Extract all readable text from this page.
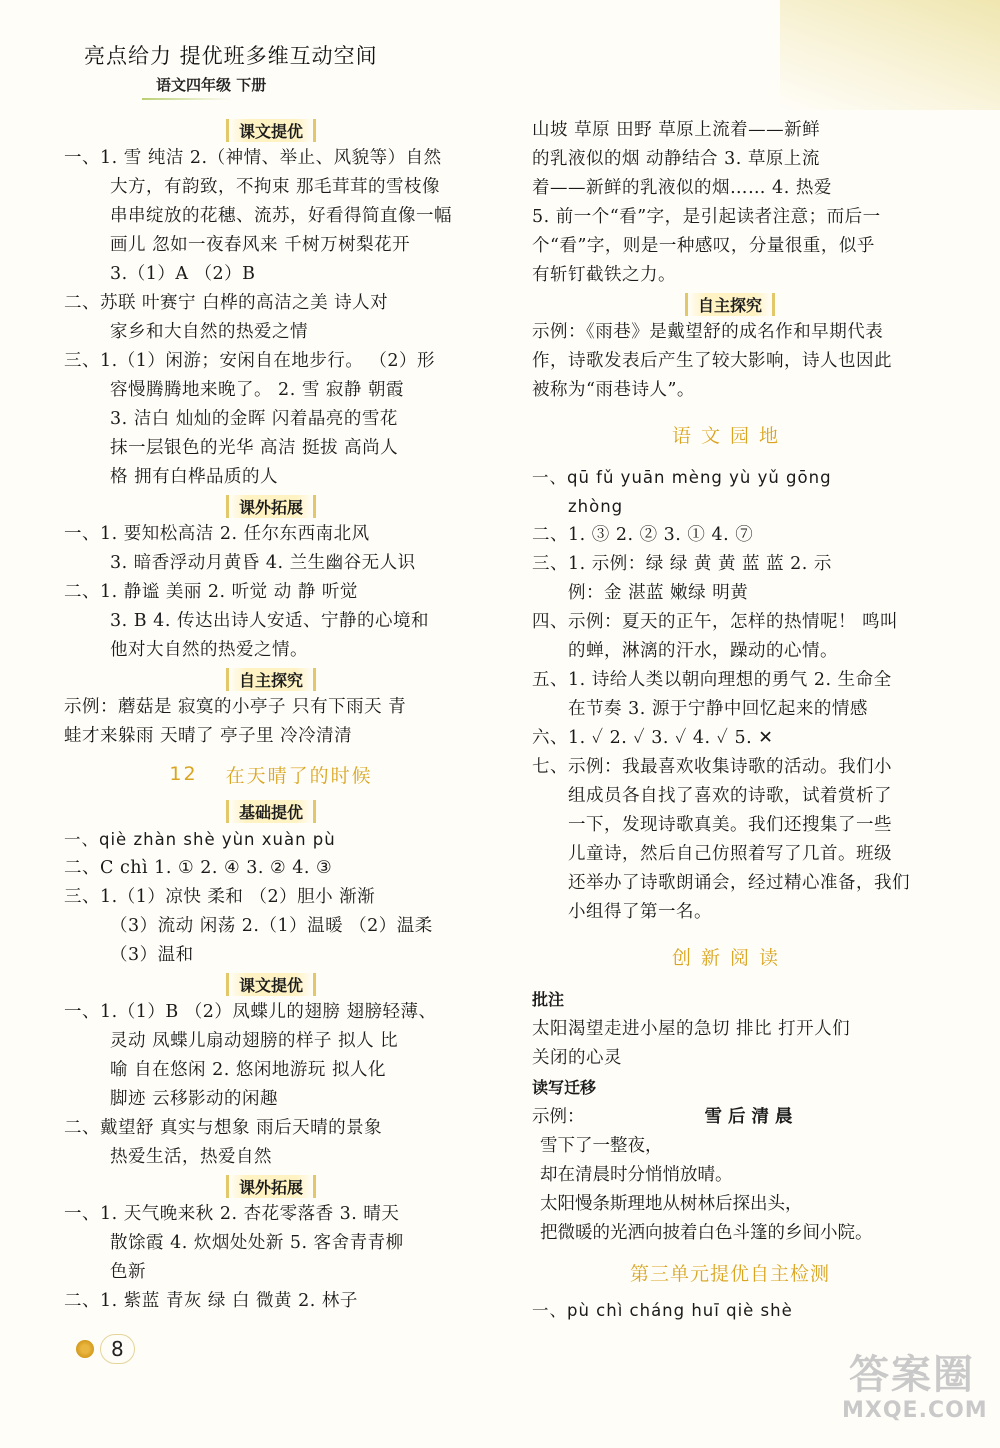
亮点给力 提优班多维互动空间
语文四年级 下册
课文提优
一、1. 雪 纯洁 2.（神情、举止、风貌等）自然
大方，有韵致，不拘束 那毛茸茸的雪枝像
串串绽放的花穗、流苏，好看得简直像一幅
画儿 忽如一夜春风来 千树万树梨花开
3.（1）A （2）B
二、苏联 叶赛宁 白桦的高洁之美 诗人对
家乡和大自然的热爱之情
三、1.（1）闲游；安闲自在地步行。 （2）形
容慢腾腾地来晚了。 2. 雪 寂静 朝霞
3. 洁白 灿灿的金晖 闪着晶亮的雪花
抹一层银色的光华 高洁 挺拔 高尚人
格 拥有白桦品质的人
课外拓展
一、1. 要知松高洁 2. 任尔东西南北风
3. 暗香浮动月黄昏 4. 兰生幽谷无人识
二、1. 静谧 美丽 2. 听觉 动 静 听觉
3. B 4. 传达出诗人安适、宁静的心境和
他对大自然的热爱之情。
自主探究
示例：蘑菇是 寂寞的小亭子 只有下雨天 青
蛙才来躲雨 天晴了 亭子里 冷冷清清
12 在天晴了的时候
基础提优
一、qiè zhàn shè yùn xuàn pù
二、C chì 1. ① 2. ④ 3. ② 4. ③
三、1.（1）凉快 柔和 （2）胆小 渐渐
（3）流动 闲荡 2.（1）温暖 （2）温柔
（3）温和
课文提优
一、1.（1）B （2）凤蝶儿的翅膀 翅膀轻薄、
灵动 凤蝶儿扇动翅膀的样子 拟人 比
喻 自在悠闲 2. 悠闲地游玩 拟人化
脚迹 云移影动的闲趣
二、戴望舒 真实与想象 雨后天晴的景象
热爱生活，热爱自然
课外拓展
一、1. 天气晚来秋 2. 杏花零落香 3. 晴天
散馀霞 4. 炊烟处处新 5. 客舍青青柳
色新
二、1. 紫蓝 青灰 绿 白 微黄 2. 林子
山坡 草原 田野 草原上流着——新鲜
的乳液似的烟 动静结合 3. 草原上流
着——新鲜的乳液似的烟…… 4. 热爱
5. 前一个“看”字，是引起读者注意；而后一
个“看”字，则是一种感叹，分量很重，似乎
有斩钉截铁之力。
自主探究
示例：《雨巷》是戴望舒的成名作和早期代表
作，诗歌发表后产生了较大影响，诗人也因此
被称为“雨巷诗人”。
语文园地
一、qū fǔ yuān mèng yù yǔ gōng
zhòng
二、1. ③ 2. ② 3. ① 4. ⑦
三、1. 示例：绿 绿 黄 黄 蓝 蓝 2. 示
例：金 湛蓝 嫩绿 明黄
四、示例：夏天的正午，怎样的热情呢！ 鸣叫
的蝉，淋漓的汗水，躁动的心情。
五、1. 诗给人类以朝向理想的勇气 2. 生命全
在节奏 3. 源于宁静中回忆起来的情感
六、1. ✓ 2. ✓ 3. ✓ 4. ✓ 5. ✕
七、示例：我最喜欢收集诗歌的活动。我们小
组成员各自找了喜欢的诗歌，试着赏析了
一下，发现诗歌真美。我们还搜集了一些
儿童诗，然后自己仿照着写了几首。班级
还举办了诗歌朗诵会，经过精心准备，我们
小组得了第一名。
创新阅读
批注
太阳渴望走进小屋的急切 排比 打开人们
关闭的心灵
读写迁移
示例：	雪后清晨
雪下了一整夜，
却在清晨时分悄悄放晴。
太阳慢条斯理地从树林后探出头，
把微暖的光洒向披着白色斗篷的乡间小院。
第三单元提优自主检测
一、pù chì cháng huī qiè shè
8
答案圈
MXQE.COM
